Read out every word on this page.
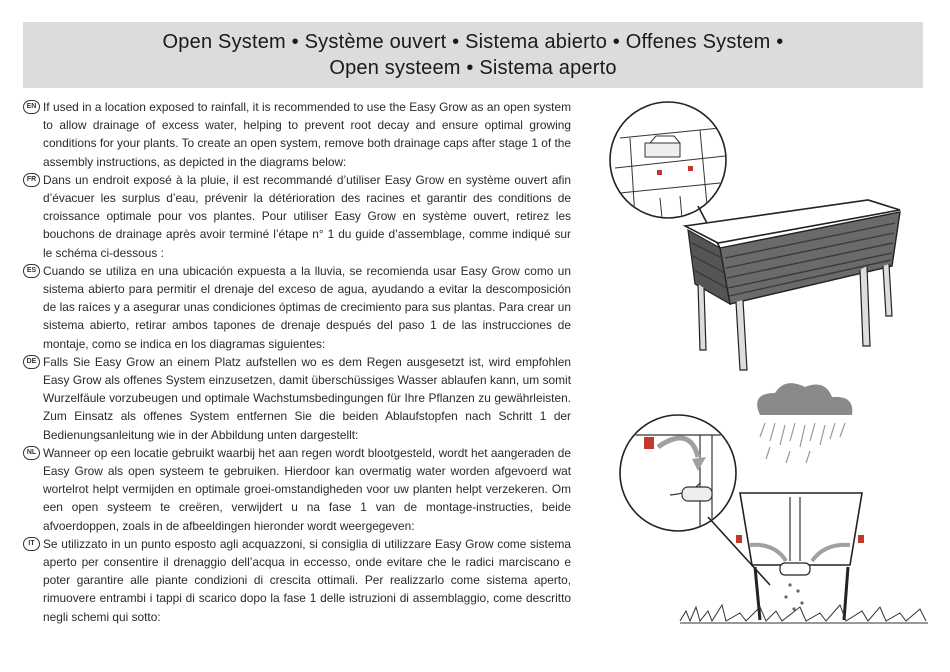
Open System • Système ouvert • Sistema abierto • Offenes System •
Open systeem • Sistema aperto
EN If used in a location exposed to rainfall, it is recommended to use the Easy Grow as an open system to allow drainage of excess water, helping to prevent root decay and ensure optimal growing conditions for your plants. To create an open system, remove both drainage caps after stage 1 of the assembly instructions, as depicted in the diagrams below:
FR Dans un endroit exposé à la pluie, il est recommandé d’utiliser Easy Grow en système ouvert afin d’évacuer les surplus d’eau, prévenir la détérioration des racines et garantir des conditions de croissance optimale pour vos plantes. Pour utiliser Easy Grow en système ouvert, retirez les bouchons de drainage après avoir terminé l’étape n° 1 du guide d’assemblage, comme indiqué sur le schéma ci-dessous :
ES Cuando se utiliza en una ubicación expuesta a la lluvia, se recomienda usar Easy Grow como un sistema abierto para permitir el drenaje del exceso de agua, ayudando a evitar la descomposición de las raíces y a asegurar unas condiciones óptimas de crecimiento para sus plantas. Para crear un sistema abierto, retirar ambos tapones de drenaje después del paso 1 de las instrucciones de montaje, como se indica en los diagramas siguientes:
DE Falls Sie Easy Grow an einem Platz aufstellen wo es dem Regen ausgesetzt ist, wird empfohlen Easy Grow als offenes System einzusetzen, damit überschüssiges Wasser ablaufen kann, um somit Wurzelfäule vorzubeugen und optimale Wachstumsbedingungen für Ihre Pflanzen zu gewährleisten. Zum Einsatz als offenes System entfernen Sie die beiden Ablaufstopfen nach Schritt 1 der Bedienungsanleitung wie in der Abbildung unten dargestellt:
NL Wanneer op een locatie gebruikt waarbij het aan regen wordt blootgesteld, wordt het aangeraden de Easy Grow als open systeem te gebruiken. Hierdoor kan overmatig water worden afgevoerd wat wortelrot helpt vermijden en optimale groei-omstandigheden voor uw planten helpt verzekeren. Om een open systeem te creëren, verwijdert u na fase 1 van de montage-instructies, beide afvoerdoppen, zoals in de afbeeldingen hieronder wordt weergegeven:
IT Se utilizzato in un punto esposto agli acquazzoni, si consiglia di utilizzare Easy Grow come sistema aperto per consentire il drenaggio dell’acqua in eccesso, onde evitare che le radici marciscano e poter garantire alle piante condizioni di crescita ottimali. Per realizzarlo come sistema aperto, rimuovere entrambi i tappi di scarico dopo la fase 1 delle istruzioni di assemblaggio, come descritto negli schemi qui sotto:
